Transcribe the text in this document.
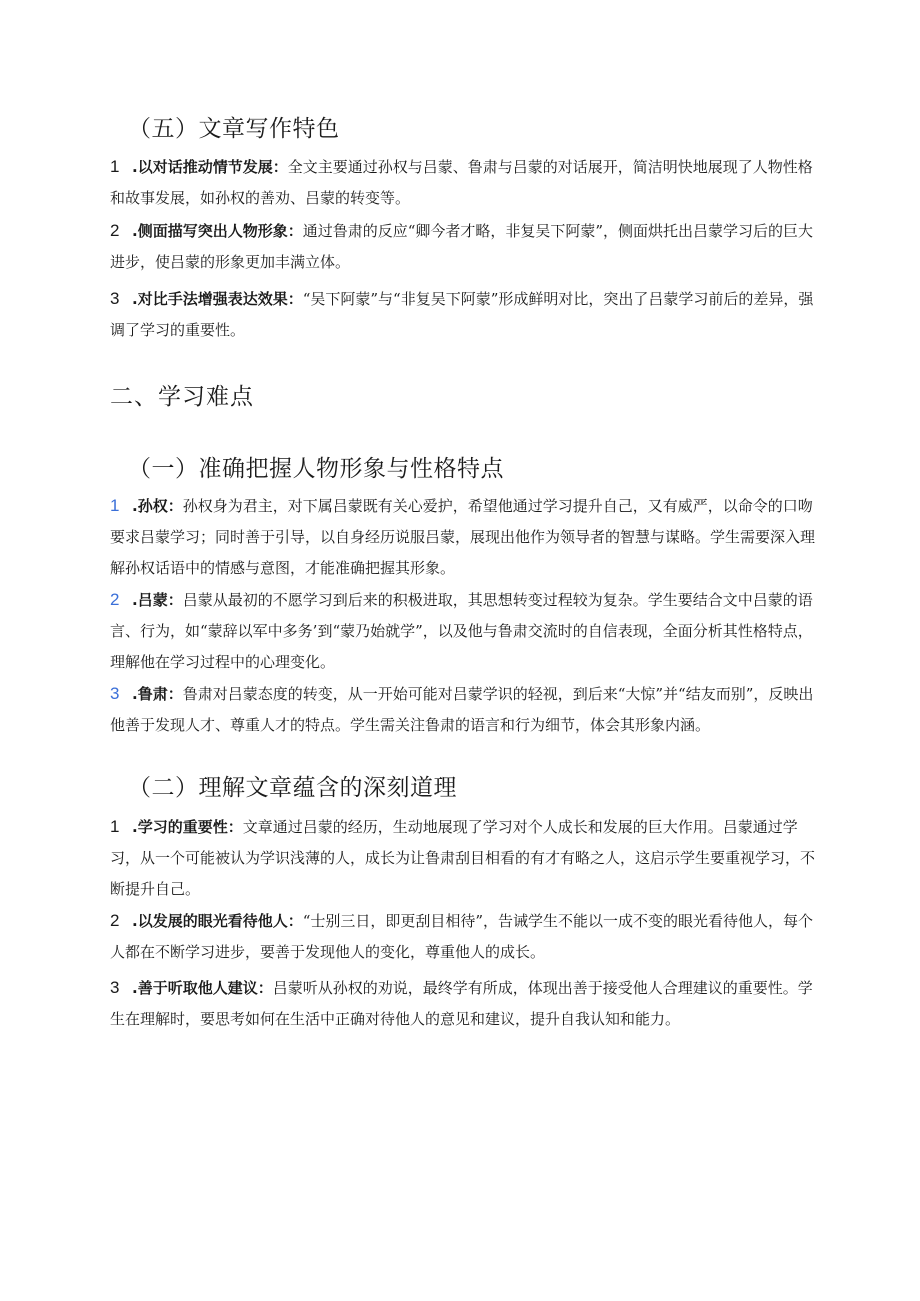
（五）文章写作特色
1 .以对话推动情节发展：全文主要通过孙权与吕蒙、鲁肃与吕蒙的对话展开，简洁明快地展现了人物性格和故事发展，如孙权的善劝、吕蒙的转变等。
2 .侧面描写突出人物形象：通过鲁肃的反应“卿今者才略，非复吴下阿蒙”，侧面烘托出吕蒙学习后的巨大进步，使吕蒙的形象更加丰满立体。
3 .对比手法增强表达效果：“吴下阿蒙”与“非复吴下阿蒙”形成鲜明对比，突出了吕蒙学习前后的差异，强调了学习的重要性。
二、学习难点
（一）准确把握人物形象与性格特点
1 .孙权：孙权身为君主，对下属吕蒙既有关心爱护，希望他通过学习提升自己，又有威严，以命令的口吻要求吕蒙学习；同时善于引导，以自身经历说服吕蒙，展现出他作为领导者的智慧与谋略。学生需要深入理解孙权话语中的情感与意图，才能准确把握其形象。
2 .吕蒙：吕蒙从最初的不愿学习到后来的积极进取，其思想转变过程较为复杂。学生要结合文中吕蒙的语言、行为，如“蒙辞以军中多务’到“蒙乃始就学”，以及他与鲁肃交流时的自信表现，全面分析其性格特点，理解他在学习过程中的心理变化。
3 .鲁肃：鲁肃对吕蒙态度的转变，从一开始可能对吕蒙学识的轻视，到后来“大惊”并“结友而别”，反映出他善于发现人才、尊重人才的特点。学生需关注鲁肃的语言和行为细节，体会其形象内涵。
（二）理解文章蕴含的深刻道理
1 .学习的重要性：文章通过吕蒙的经历，生动地展现了学习对个人成长和发展的巨大作用。吕蒙通过学习，从一个可能被认为学识浅薄的人，成长为让鲁肃刮目相看的有才有略之人，这启示学生要重视学习，不断提升自己。
2 .以发展的眼光看待他人：“士别三日，即更刮目相待”，告诫学生不能以一成不变的眼光看待他人，每个人都在不断学习进步，要善于发现他人的变化，尊重他人的成长。
3 .善于听取他人建议：吕蒙听从孙权的劝说，最终学有所成，体现出善于接受他人合理建议的重要性。学生在理解时，要思考如何在生活中正确对待他人的意见和建议，提升自我认知和能力。
